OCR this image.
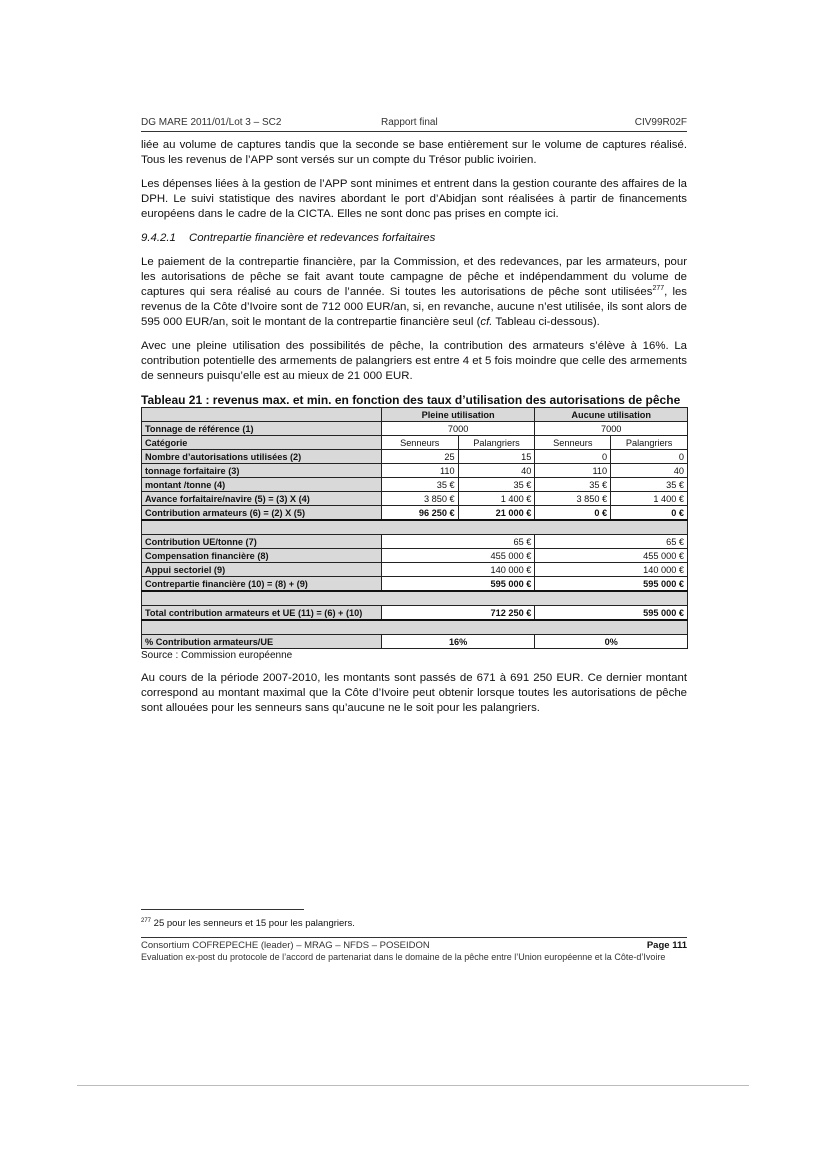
DG MARE 2011/01/Lot 3 – SC2	Rapport final	CIV99R02F

liée au volume de captures tandis que la seconde se base entièrement sur le volume de captures réalisé. Tous les revenus de l’APP sont versés sur un compte du Trésor public ivoirien.

Les dépenses liées à la gestion de l’APP sont minimes et entrent dans la gestion courante des affaires de la DPH. Le suivi statistique des navires abordant le port d’Abidjan sont réalisées à partir de financements européens dans le cadre de la CICTA. Elles ne sont donc pas prises en compte ici.

9.4.2.1 Contrepartie financière et redevances forfaitaires

Le paiement de la contrepartie financière, par la Commission, et des redevances, par les armateurs, pour les autorisations de pêche se fait avant toute campagne de pêche et indépendamment du volume de captures qui sera réalisé au cours de l’année. Si toutes les autorisations de pêche sont utilisées$^{277}$, les revenus de la Côte d’Ivoire sont de 712 000 EUR/an, si, en revanche, aucune n’est utilisée, ils sont alors de 595 000 EUR/an, soit le montant de la contrepartie financière seul (cf. Tableau ci-dessous).

Avec une pleine utilisation des possibilités de pêche, la contribution des armateurs s’élève à 16%. La contribution potentielle des armements de palangriers est entre 4 et 5 fois moindre que celle des armements de senneurs puisqu’elle est au mieux de 21 000 EUR.

Tableau 21 : revenus max. et min. en fonction des taux d’utilisation des autorisations de pêche
	Pleine utilisation		Aucune utilisation	
Tonnage de référence (1)	7000		7000	
Catégorie	Senneurs	Palangriers	Senneurs	Palangriers
Nombre d’autorisations utilisées (2)	25	15	0	0
tonnage forfaitaire (3)	110	40	110	40
montant /tonne (4)	35 €	35 €	35 €	35 €
Avance forfaitaire/navire (5) = (3) X (4)	3 850 €	1 400 €	3 850 €	1 400 €
Contribution armateurs (6) = (2) X (5)	96 250 €	21 000 €	0 €	0 €

Contribution UE/tonne (7)	65 €		65 €	
Compensation financière (8)	455 000 €		455 000 €	
Appui sectoriel (9)	140 000 €		140 000 €	
Contrepartie financière (10) = (8) + (9)	595 000 €		595 000 €	

Total contribution armateurs et UE (11) = (6) + (10)	712 250 €		595 000 €	

% Contribution armateurs/UE	16%		0%	
Source : Commission européenne

Au cours de la période 2007-2010, les montants sont passés de 671 à 691 250 EUR. Ce dernier montant correspond au montant maximal que la Côte d’Ivoire peut obtenir lorsque toutes les autorisations de pêche sont allouées pour les senneurs sans qu’aucune ne le soit pour les palangriers.

$^{277}$ 25 pour les senneurs et 15 pour les palangriers.
Consortium COFREPECHE (leader) – MRAG – NFDS – POSEIDON	Page 111
Evaluation ex-post du protocole de l’accord de partenariat dans le domaine de la pêche entre l’Union européenne et la Côte-d’Ivoire
